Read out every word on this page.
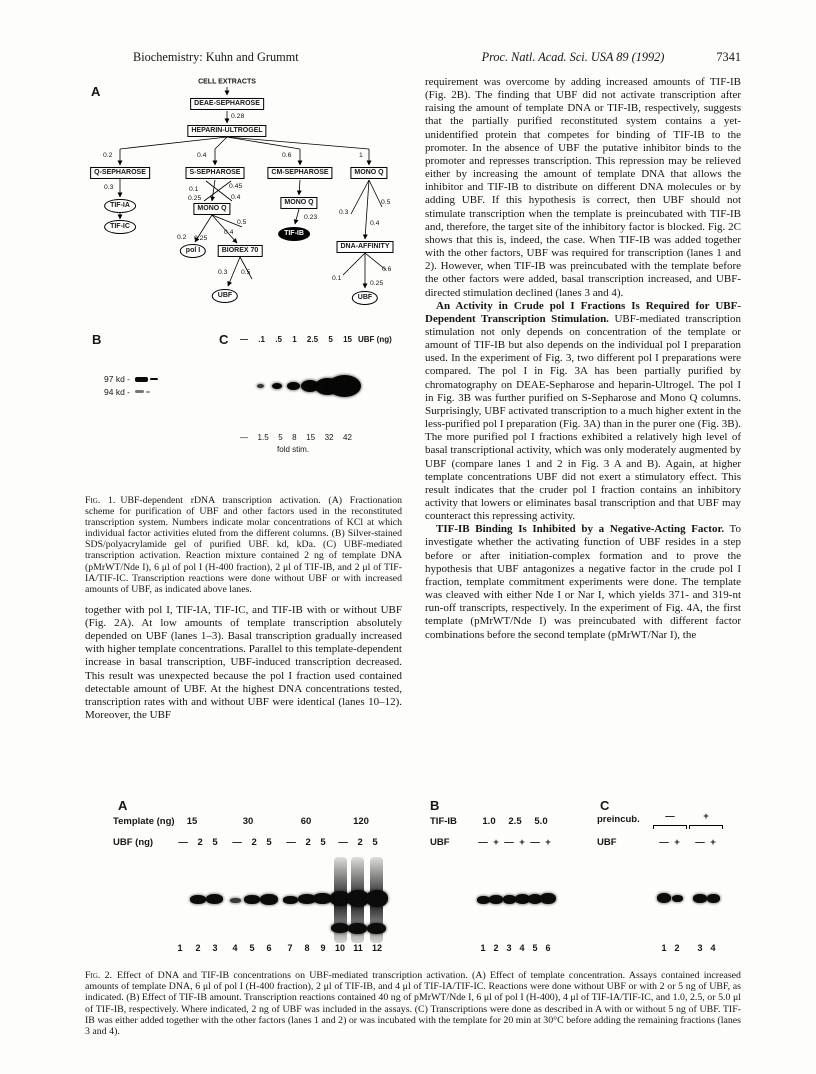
Biochemistry: Kuhn and Grummt	Proc. Natl. Acad. Sci. USA 89 (1992)	7341
A
CELL EXTRACTS
DEAE-SEPHAROSE
0.28
HEPARIN-ULTROGEL
0.2	0.4	0.6	1
Q-SEPHAROSE	S-SEPHAROSE	CM-SEPHAROSE	MONO Q
0.3
TIF-IA
TIF-IC
0.1	0.45
0.25	0.4
MONO Q
0.5
0.2 0.25
0.4
pol I	BIOREX 70
0.3 0.5
UBF
MONO Q
0.23
TIF-IB
0.5
0.3
0.4
DNA-AFFINITY
0.1
0.6
0.25
UBF
B	C — .1 .5 1 2.5 5 15 UBF (ng)
97 kd -
94 kd -
— 1.5 5 8 15 32 42
fold stim.

Fig. 1. UBF-dependent rDNA transcription activation. (A) Fractionation scheme for purification of UBF and other factors used in the reconstituted transcription system. Numbers indicate molar concentrations of KCl at which individual factor activities eluted from the different columns. (B) Silver-stained SDS/polyacrylamide gel of purified UBF. kd, kDa. (C) UBF-mediated transcription activation. Reaction mixture contained 2 ng of template DNA (pMrWT/Nde I), 6 μl of pol I (H-400 fraction), 2 μl of TIF-IB, and 2 μl of TIF-IA/TIF-IC. Transcription reactions were done without UBF or with increased amounts of UBF, as indicated above lanes.

together with pol I, TIF-IA, TIF-IC, and TIF-IB with or without UBF (Fig. 2A). At low amounts of template transcription absolutely depended on UBF (lanes 1–3). Basal transcription gradually increased with higher template concentrations. Parallel to this template-dependent increase in basal transcription, UBF-induced transcription decreased. This result was unexpected because the pol I fraction used contained detectable amount of UBF. At the highest DNA concentrations tested, transcription rates with and without UBF were identical (lanes 10–12). Moreover, the UBF

requirement was overcome by adding increased amounts of TIF-IB (Fig. 2B). The finding that UBF did not activate transcription after raising the amount of template DNA or TIF-IB, respectively, suggests that the partially purified reconstituted system contains a yet-unidentified protein that competes for binding of TIF-IB to the promoter. In the absence of UBF the putative inhibitor binds to the promoter and represses transcription. This repression may be relieved either by increasing the amount of template DNA that allows the inhibitor and TIF-IB to distribute on different DNA molecules or by adding UBF. If this hypothesis is correct, then UBF should not stimulate transcription when the template is preincubated with TIF-IB and, therefore, the target site of the inhibitory factor is blocked. Fig. 2C shows that this is, indeed, the case. When TIF-IB was added together with the other factors, UBF was required for transcription (lanes 1 and 2). However, when TIF-IB was preincubated with the template before the other factors were added, basal transcription increased, and UBF-directed stimulation declined (lanes 3 and 4).

An Activity in Crude pol I Fractions Is Required for UBF-Dependent Transcription Stimulation. UBF-mediated transcription stimulation not only depends on concentration of the template or amount of TIF-IB but also depends on the individual pol I preparation used. In the experiment of Fig. 3, two different pol I preparations were compared. The pol I in Fig. 3A has been partially purified by chromatography on DEAE-Sepharose and heparin-Ultrogel. The pol I in Fig. 3B was further purified on S-Sepharose and Mono Q columns. Surprisingly, UBF activated transcription to a much higher extent in the less-purified pol I preparation (Fig. 3A) than in the purer one (Fig. 3B). The more purified pol I fractions exhibited a relatively high level of basal transcriptional activity, which was only moderately augmented by UBF (compare lanes 1 and 2 in Fig. 3 A and B). Again, at higher template concentrations UBF did not exert a stimulatory effect. This result indicates that the cruder pol I fraction contains an inhibitory activity that lowers or eliminates basal transcription and that UBF may counteract this repressing activity.

TIF-IB Binding Is Inhibited by a Negative-Acting Factor. To investigate whether the activating function of UBF resides in a step before or after initiation-complex formation and to prove the hypothesis that UBF antagonizes a negative factor in the crude pol I fraction, template commitment experiments were done. The template was cleaved with either Nde I or Nar I, which yields 371- and 319-nt run-off transcripts, respectively. In the experiment of Fig. 4A, the first template (pMrWT/Nde I) was preincubated with different factor combinations before the second template (pMrWT/Nar I), the

A
Template (ng) 15	30	60	120
UBF (ng)	— 2 5 — 2 5 — 2 5 — 2 5
1 2 3 4 5 6 7 8 9 10 11 12
B
TIF-IB	1.0 2.5 5.0
UBF	— + — + — +
1 2 3 4 5 6
C
preincub.	—	+
UBF	— + — +
1 2 3 4

Fig. 2. Effect of DNA and TIF-IB concentrations on UBF-mediated transcription activation. (A) Effect of template concentration. Assays contained increased amounts of template DNA, 6 μl of pol I (H-400 fraction), 2 μl of TIF-IB, and 4 μl of TIF-IA/TIF-IC. Reactions were done without UBF or with 2 or 5 ng of UBF, as indicated. (B) Effect of TIF-IB amount. Transcription reactions contained 40 ng of pMrWT/Nde I, 6 μl of pol I (H-400), 4 μl of TIF-IA/TIF-IC, and 1.0, 2.5, or 5.0 μl of TIF-IB, respectively. Where indicated, 2 ng of UBF was included in the assays. (C) Transcriptions were done as described in A with or without 5 ng of UBF. TIF-IB was either added together with the other factors (lanes 1 and 2) or was incubated with the template for 20 min at 30°C before adding the remaining fractions (lanes 3 and 4).
